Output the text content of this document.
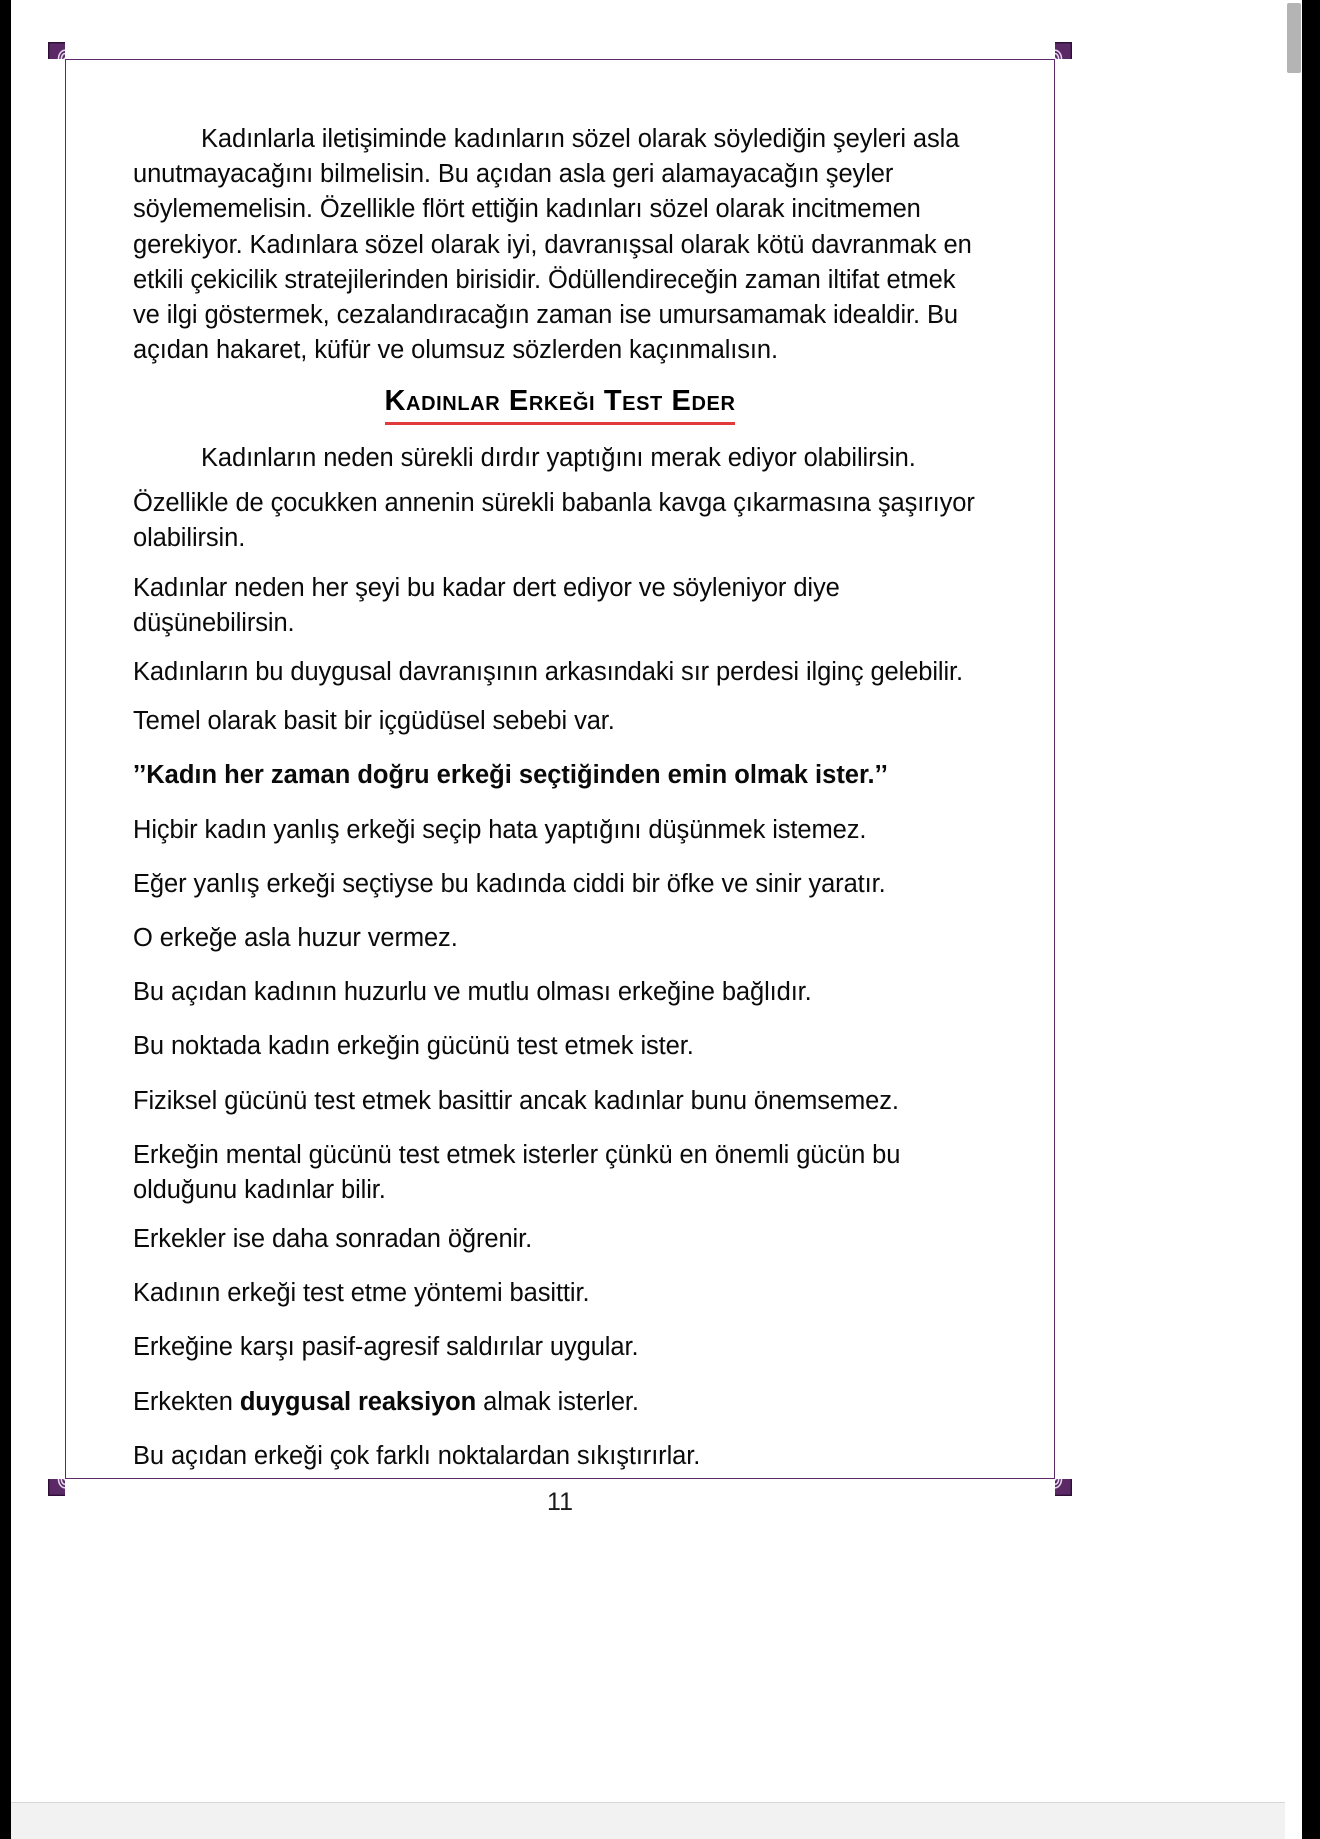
Kadınlarla iletişiminde kadınların sözel olarak söylediğin şeyleri asla unutmayacağını bilmelisin. Bu açıdan asla geri alamayacağın şeyler söylememelisin. Özellikle flört ettiğin kadınları sözel olarak incitmemen gerekiyor. Kadınlara sözel olarak iyi, davranışsal olarak kötü davranmak en etkili çekicilik stratejilerinden birisidir. Ödüllendireceğin zaman iltifat etmek ve ilgi göstermek, cezalandıracağın zaman ise umursamamak idealdir. Bu açıdan hakaret, küfür ve olumsuz sözlerden kaçınmalısın.

Kadınlar Erkeği Test Eder

Kadınların neden sürekli dırdır yaptığını merak ediyor olabilirsin.

Özellikle de çocukken annenin sürekli babanla kavga çıkarmasına şaşırıyor olabilirsin.

Kadınlar neden her şeyi bu kadar dert ediyor ve söyleniyor diye düşünebilirsin.

Kadınların bu duygusal davranışının arkasındaki sır perdesi ilginç gelebilir.

Temel olarak basit bir içgüdüsel sebebi var.

’’Kadın her zaman doğru erkeği seçtiğinden emin olmak ister.’’

Hiçbir kadın yanlış erkeği seçip hata yaptığını düşünmek istemez.

Eğer yanlış erkeği seçtiyse bu kadında ciddi bir öfke ve sinir yaratır.

O erkeğe asla huzur vermez.

Bu açıdan kadının huzurlu ve mutlu olması erkeğine bağlıdır.

Bu noktada kadın erkeğin gücünü test etmek ister.

Fiziksel gücünü test etmek basittir ancak kadınlar bunu önemsemez.

Erkeğin mental gücünü test etmek isterler çünkü en önemli gücün bu olduğunu kadınlar bilir.

Erkekler ise daha sonradan öğrenir.

Kadının erkeği test etme yöntemi basittir.

Erkeğine karşı pasif-agresif saldırılar uygular.

Erkekten duygusal reaksiyon almak isterler.

Bu açıdan erkeği çok farklı noktalardan sıkıştırırlar.

11
